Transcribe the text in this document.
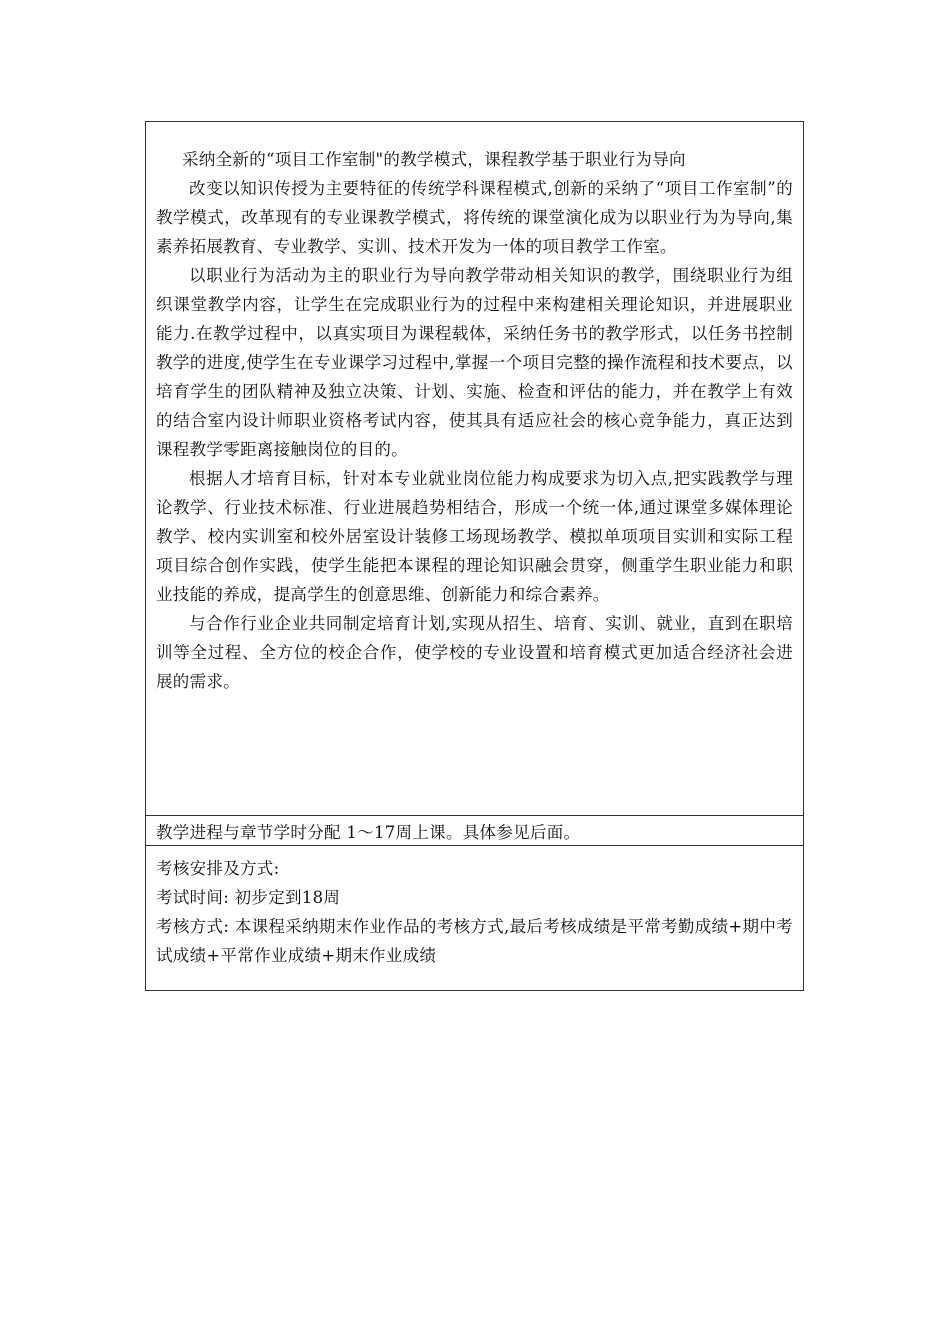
采纳全新的“项目工作室制"的教学模式，课程教学基于职业行为导向

改变以知识传授为主要特征的传统学科课程模式,创新的采纳了“项目工作室制”的教学模式，改革现有的专业课教学模式，将传统的课堂演化成为以职业行为为导向,集素养拓展教育、专业教学、实训、技术开发为一体的项目教学工作室。

以职业行为活动为主的职业行为导向教学带动相关知识的教学，围绕职业行为组织课堂教学内容，让学生在完成职业行为的过程中来构建相关理论知识，并进展职业能力.在教学过程中，以真实项目为课程载体，采纳任务书的教学形式，以任务书控制教学的进度,使学生在专业课学习过程中,掌握一个项目完整的操作流程和技术要点，以培育学生的团队精神及独立决策、计划、实施、检查和评估的能力，并在教学上有效的结合室内设计师职业资格考试内容，使其具有适应社会的核心竞争能力，真正达到课程教学零距离接触岗位的目的。

根据人才培育目标，针对本专业就业岗位能力构成要求为切入点,把实践教学与理论教学、行业技术标准、行业进展趋势相结合，形成一个统一体,通过课堂多媒体理论教学、校内实训室和校外居室设计装修工场现场教学、模拟单项项目实训和实际工程项目综合创作实践，使学生能把本课程的理论知识融会贯穿，侧重学生职业能力和职业技能的养成，提高学生的创意思维、创新能力和综合素养。

与合作行业企业共同制定培育计划,实现从招生、培育、实训、就业，直到在职培训等全过程、全方位的校企合作，使学校的专业设置和培育模式更加适合经济社会进展的需求。

教学进程与章节学时分配 1～17周上课。具体参见后面。

考核安排及方式:

考试时间: 初步定到18周

考核方式: 本课程采纳期末作业作品的考核方式,最后考核成绩是平常考勤成绩+期中考试成绩+平常作业成绩+期末作业成绩
